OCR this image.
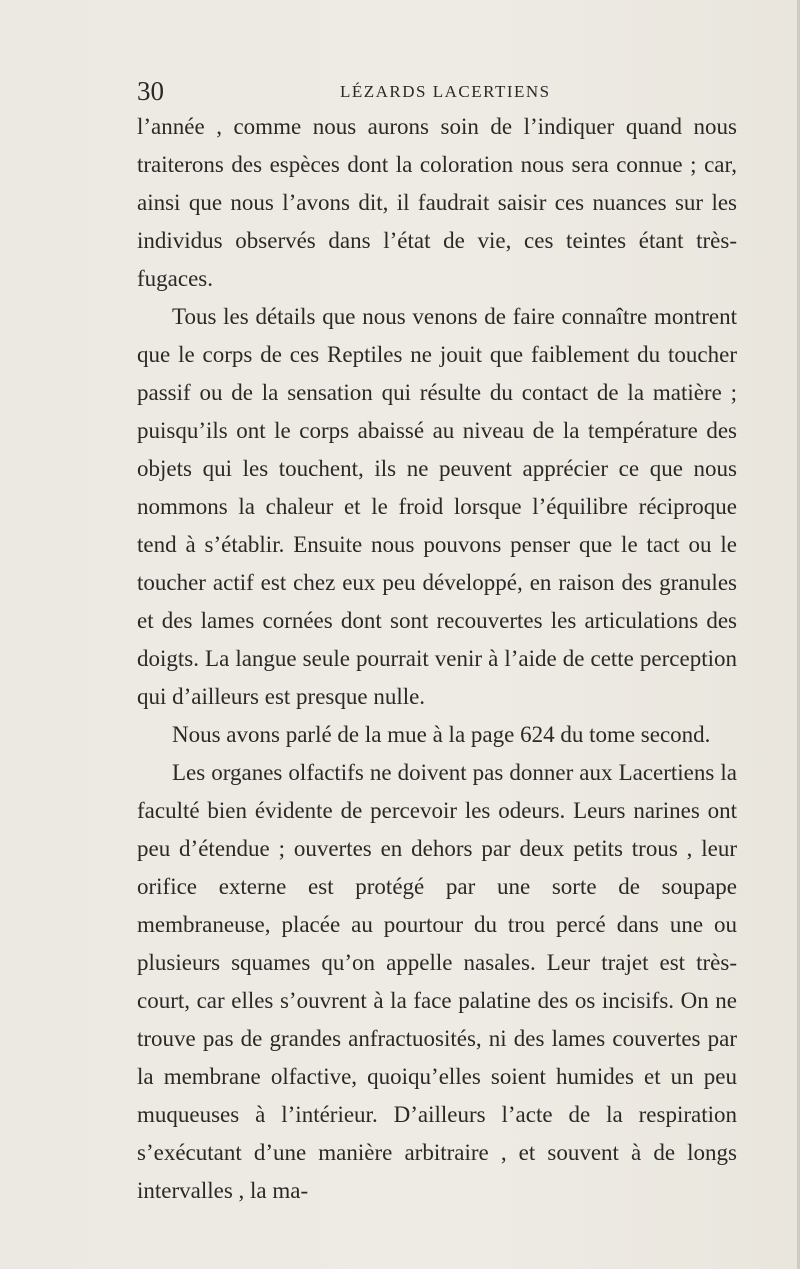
30	LÉZARDS LACERTIENS

l’année , comme nous aurons soin de l’indiquer quand nous traiterons des espèces dont la coloration nous sera connue ; car, ainsi que nous l’avons dit, il faudrait saisir ces nuances sur les individus observés dans l’état de vie, ces teintes étant très-fugaces.

Tous les détails que nous venons de faire connaître montrent que le corps de ces Reptiles ne jouit que faiblement du toucher passif ou de la sensation qui résulte du contact de la matière ; puisqu’ils ont le corps abaissé au niveau de la température des objets qui les touchent, ils ne peuvent apprécier ce que nous nommons la chaleur et le froid lorsque l’équilibre réciproque tend à s’établir. Ensuite nous pouvons penser que le tact ou le toucher actif est chez eux peu développé, en raison des granules et des lames cornées dont sont recouvertes les articulations des doigts. La langue seule pourrait venir à l’aide de cette perception qui d’ailleurs est presque nulle.

Nous avons parlé de la mue à la page 624 du tome second.

Les organes olfactifs ne doivent pas donner aux Lacertiens la faculté bien évidente de percevoir les odeurs. Leurs narines ont peu d’étendue ; ouvertes en dehors par deux petits trous , leur orifice externe est protégé par une sorte de soupape membraneuse, placée au pourtour du trou percé dans une ou plusieurs squames qu’on appelle nasales. Leur trajet est très-court, car elles s’ouvrent à la face palatine des os incisifs. On ne trouve pas de grandes anfractuosités, ni des lames couvertes par la membrane olfactive, quoiqu’elles soient humides et un peu muqueuses à l’intérieur. D’ailleurs l’acte de la respiration s’exécutant d’une manière arbitraire , et souvent à de longs intervalles , la ma-
